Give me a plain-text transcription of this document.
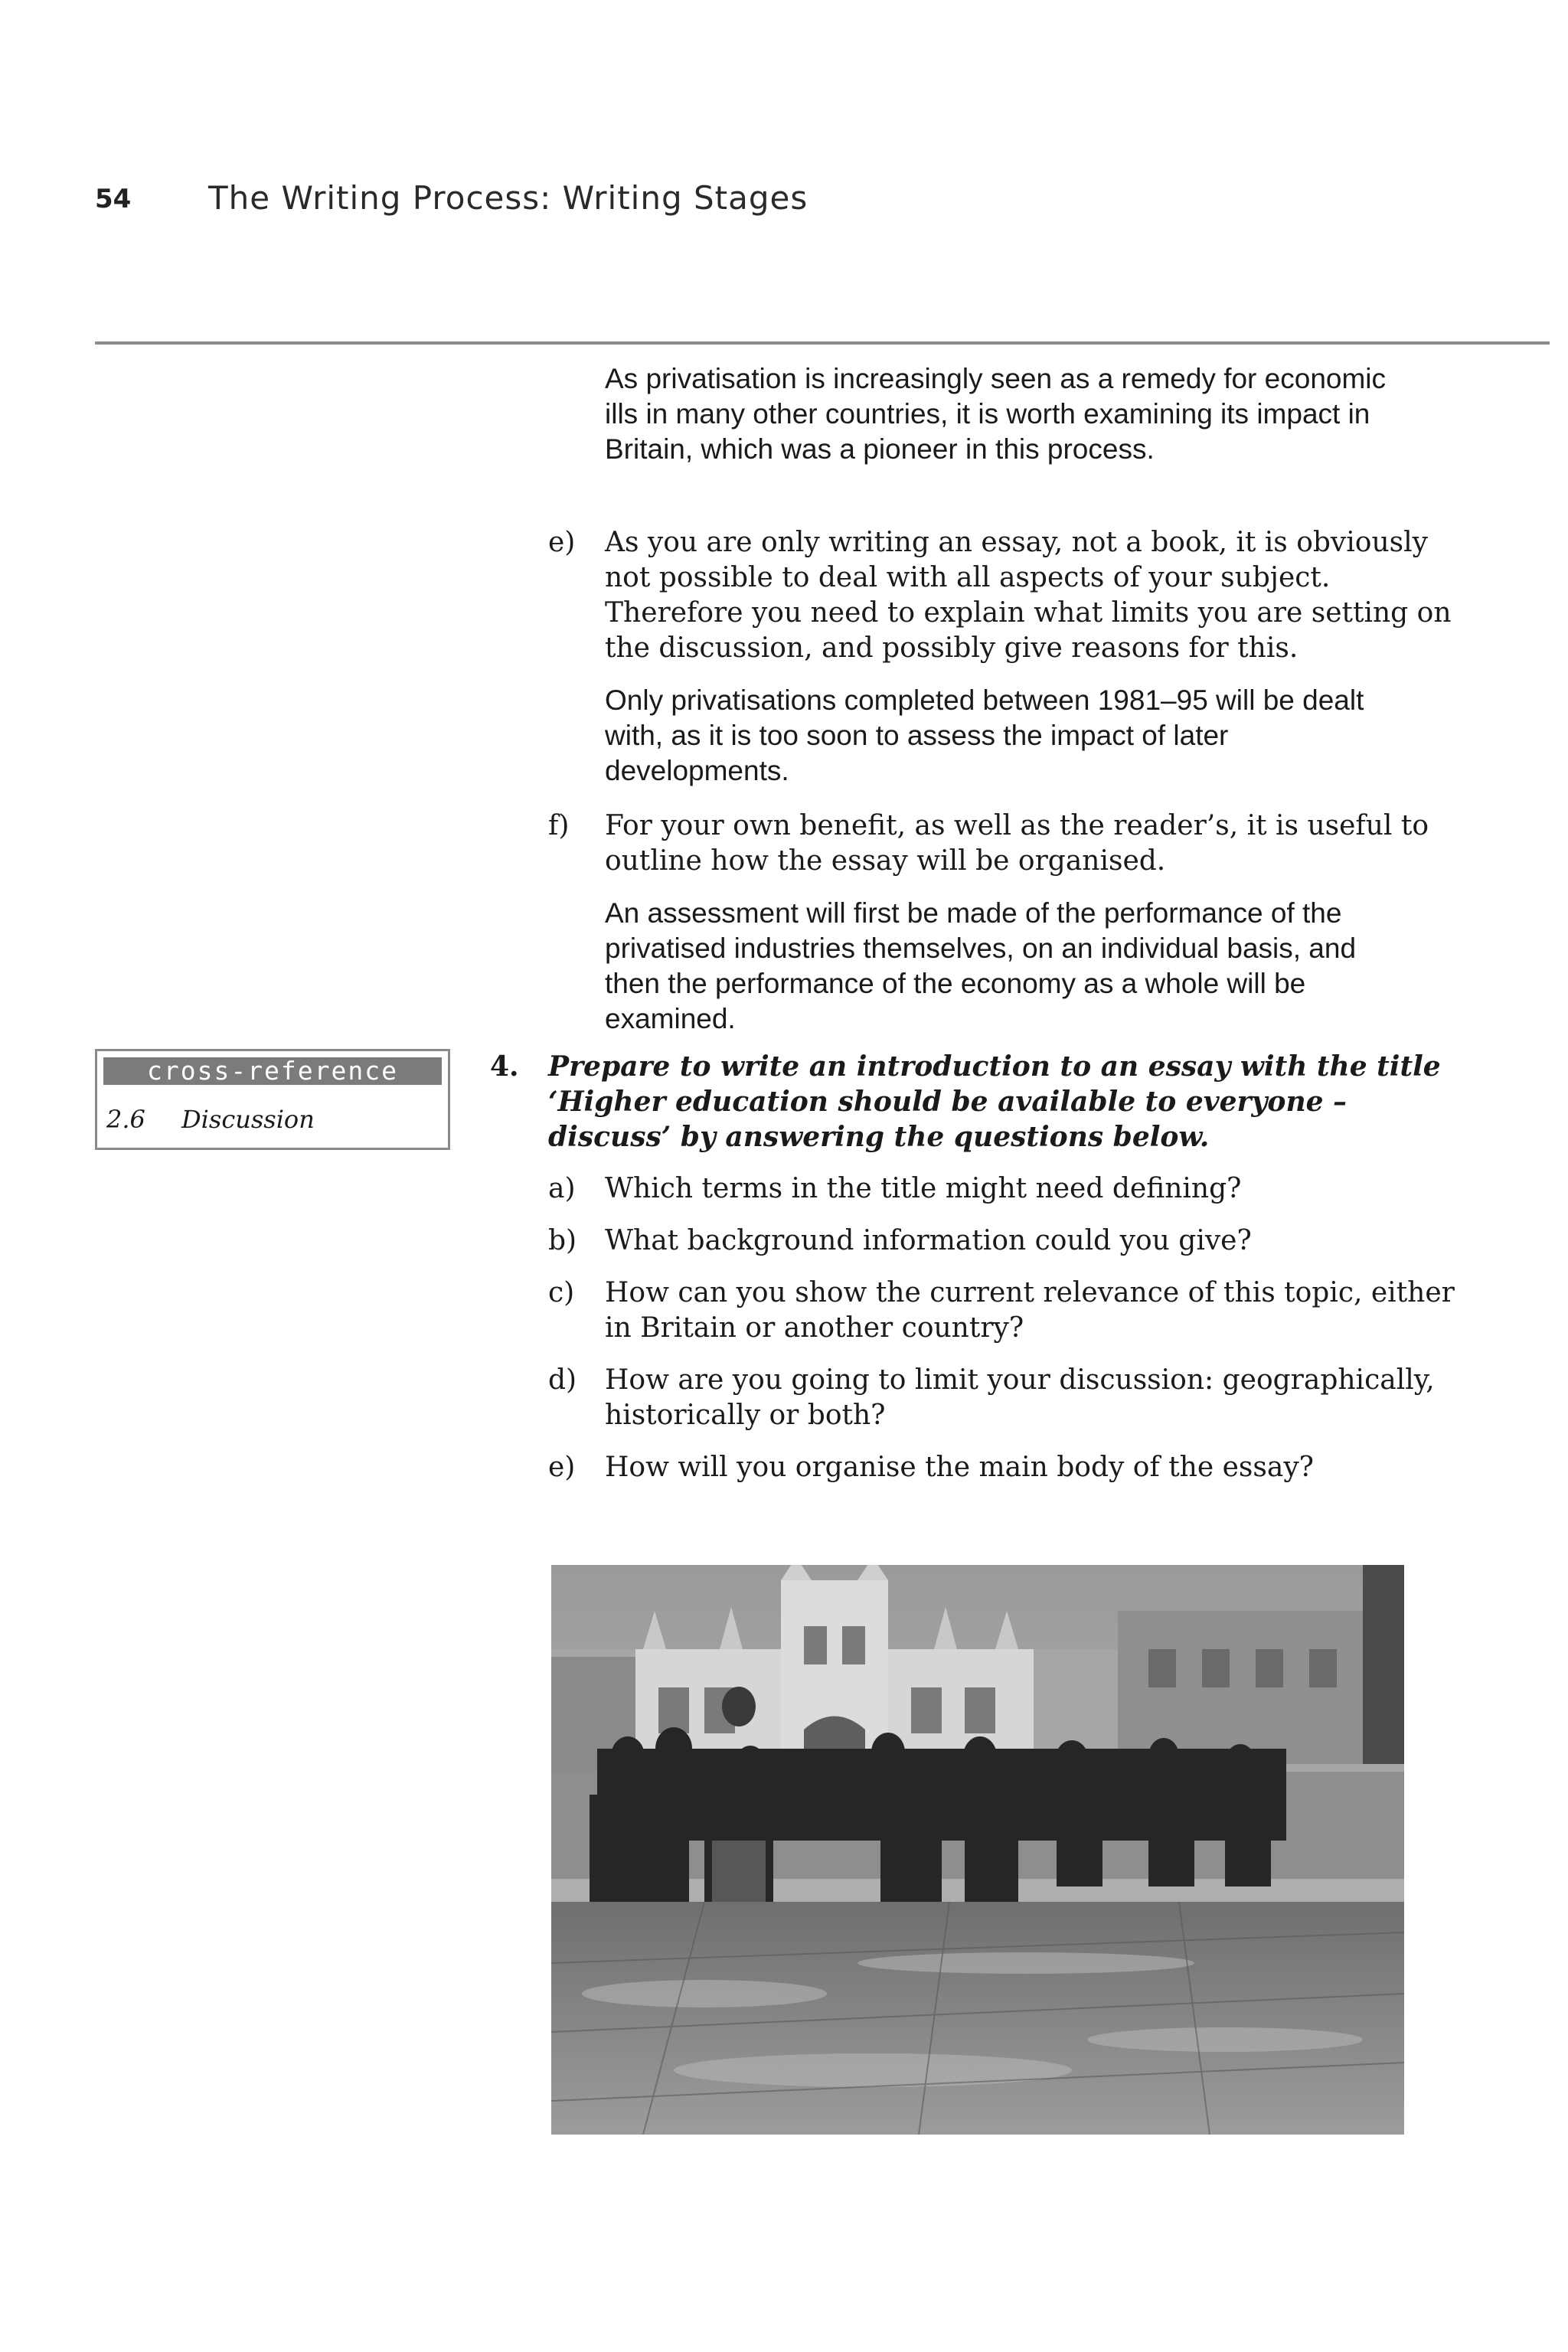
54 The Writing Process: Writing Stages
As privatisation is increasingly seen as a remedy for economic ills in many other countries, it is worth examining its impact in Britain, which was a pioneer in this process.
e) As you are only writing an essay, not a book, it is obviously not possible to deal with all aspects of your subject. Therefore you need to explain what limits you are setting on the discussion, and possibly give reasons for this.
Only privatisations completed between 1981–95 will be dealt with, as it is too soon to assess the impact of later developments.
f) For your own benefit, as well as the reader’s, it is useful to outline how the essay will be organised.
An assessment will first be made of the performance of the privatised industries themselves, on an individual basis, and then the performance of the economy as a whole will be examined.
cross-reference
2.6 Discussion
4. Prepare to write an introduction to an essay with the title ‘Higher education should be available to everyone – discuss’ by answering the questions below.
a) Which terms in the title might need defining?
b) What background information could you give?
c) How can you show the current relevance of this topic, either in Britain or another country?
d) How are you going to limit your discussion: geographically, historically or both?
e) How will you organise the main body of the essay?
